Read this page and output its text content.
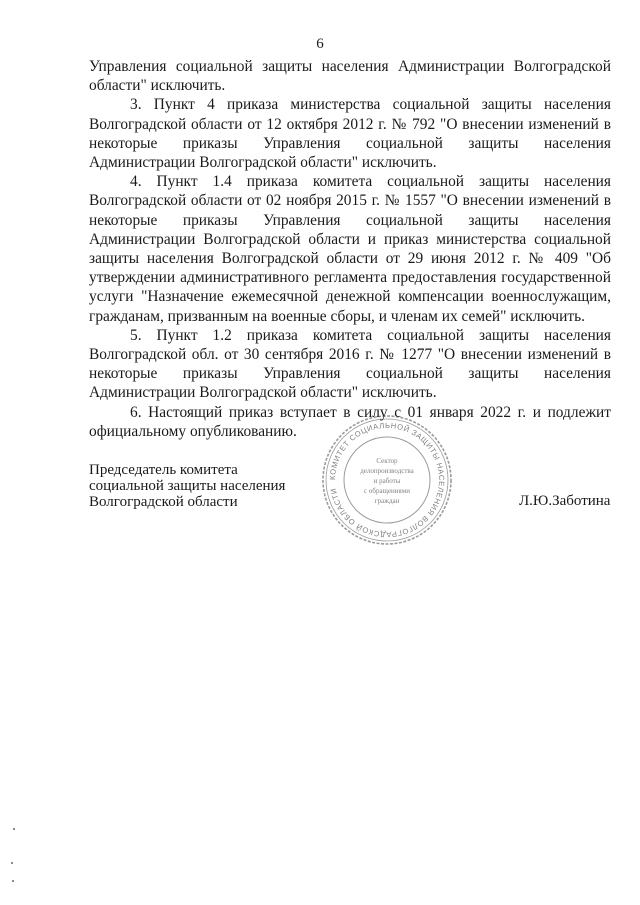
6

Управления социальной защиты населения Администрации Волгоградской области" исключить.

3. Пункт 4 приказа министерства социальной защиты населения Волгоградской области от 12 октября 2012 г. № 792 "О внесении изменений в некоторые приказы Управления социальной защиты населения Администрации Волгоградской области" исключить.

4. Пункт 1.4 приказа комитета социальной защиты населения Волгоградской области от 02 ноября 2015 г. № 1557 "О внесении изменений в некоторые приказы Управления социальной защиты населения Администрации Волгоградской области и приказ министерства социальной защиты населения Волгоградской области от 29 июня 2012 г. № 409 "Об утверждении административного регламента предоставления государственной услуги "Назначение ежемесячной денежной компенсации военнослужащим, гражданам, призванным на военные сборы, и членам их семей" исключить.

5. Пункт 1.2 приказа комитета социальной защиты населения Волгоградской обл. от 30 сентября 2016 г. № 1277 "О внесении изменений в некоторые приказы Управления социальной защиты населения Администрации Волгоградской области" исключить.

6. Настоящий приказ вступает в силу с 01 января 2022 г. и подлежит официальному опубликованию.

Председатель комитета
социальной защиты населения
Волгоградской области
КОМИТЕТ СОЦИАЛЬНОЙ ЗАЩИТЫ НАСЕЛЕНИЯ ВОЛГОГРАДСКОЙ ОБЛАСТИ
Сектор
делопроизводства
и работы
с обращениями
граждан	Л.Ю.Заботина
